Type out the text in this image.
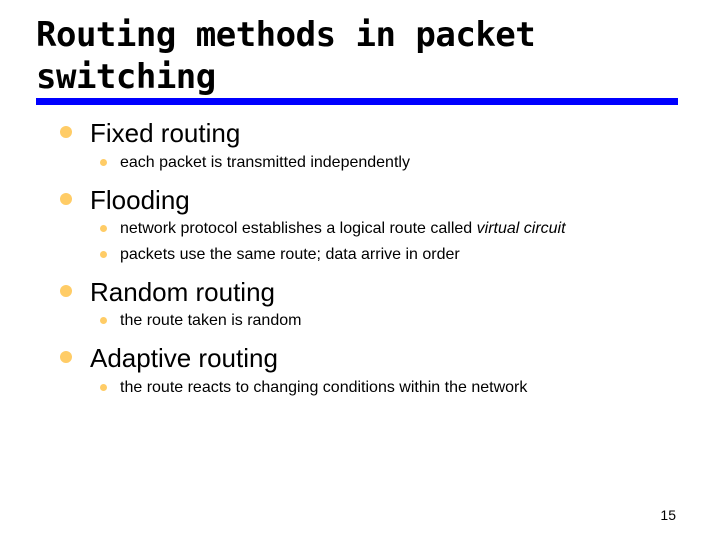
Routing methods in packet switching
Fixed routing
each packet is transmitted independently
Flooding
network protocol establishes a logical route called virtual circuit
packets use the same route; data arrive in order
Random routing
the route taken is random
Adaptive routing
the route reacts to changing conditions within the network
15
